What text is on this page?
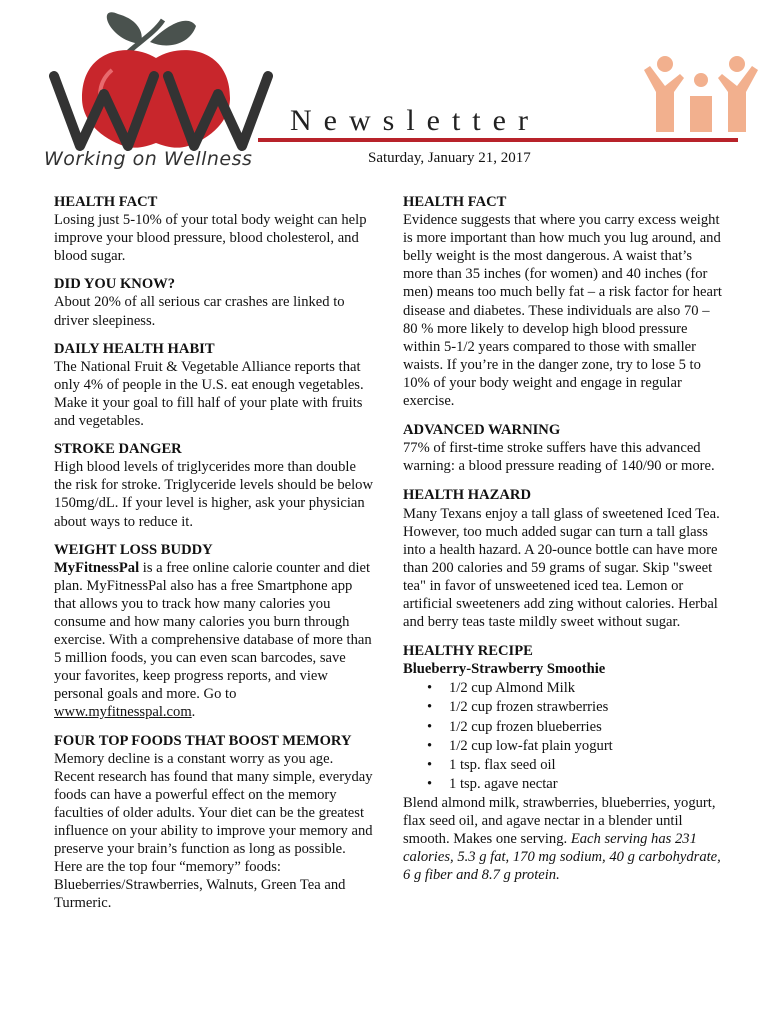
Working on Wellness
Newsletter
Saturday, January 21, 2017
HEALTH FACT

Losing just 5-10% of your total body weight can help improve your blood pressure, blood cholesterol, and blood sugar.

DID YOU KNOW?

About 20% of all serious car crashes are linked to driver sleepiness.

DAILY HEALTH HABIT

The National Fruit & Vegetable Alliance reports that only 4% of people in the U.S. eat enough vegetables. Make it your goal to fill half of your plate with fruits and vegetables.

STROKE DANGER

High blood levels of triglycerides more than double the risk for stroke. Triglyceride levels should be below 150mg/dL. If your level is higher, ask your physician about ways to reduce it.

WEIGHT LOSS BUDDY

MyFitnessPal is a free online calorie counter and diet plan. MyFitnessPal also has a free Smartphone app that allows you to track how many calories you consume and how many calories you burn through exercise. With a comprehensive database of more than 5 million foods, you can even scan barcodes, save your favorites, keep progress reports, and view personal goals and more. Go to www.myfitnesspal.com.

FOUR TOP FOODS THAT BOOST MEMORY

Memory decline is a constant worry as you age. Recent research has found that many simple, everyday foods can have a powerful effect on the memory faculties of older adults. Your diet can be the greatest influence on your ability to improve your memory and preserve your brain’s function as long as possible. Here are the top four “memory” foods: Blueberries/Strawberries, Walnuts, Green Tea and Turmeric.

HEALTH FACT

Evidence suggests that where you carry excess weight is more important than how much you lug around, and belly weight is the most dangerous. A waist that’s more than 35 inches (for women) and 40 inches (for men) means too much belly fat – a risk factor for heart disease and diabetes. These individuals are also 70 – 80 % more likely to develop high blood pressure within 5-1/2 years compared to those with smaller waists. If you’re in the danger zone, try to lose 5 to 10% of your body weight and engage in regular exercise.

ADVANCED WARNING

77% of first-time stroke suffers have this advanced warning: a blood pressure reading of 140/90 or more.

HEALTH HAZARD

Many Texans enjoy a tall glass of sweetened Iced Tea. However, too much added sugar can turn a tall glass into a health hazard. A 20-ounce bottle can have more than 200 calories and 59 grams of sugar. Skip "sweet tea" in favor of unsweetened iced tea. Lemon or artificial sweeteners add zing without calories. Herbal and berry teas taste mildly sweet without sugar.

HEALTHY RECIPE
Blueberry-Strawberry Smoothie
• 1/2 cup Almond Milk
• 1/2 cup frozen strawberries
• 1/2 cup frozen blueberries
• 1/2 cup low-fat plain yogurt
• 1 tsp. flax seed oil
• 1 tsp. agave nectar

Blend almond milk, strawberries, blueberries, yogurt, flax seed oil, and agave nectar in a blender until smooth. Makes one serving. Each serving has 231 calories, 5.3 g fat, 170 mg sodium, 40 g carbohydrate, 6 g fiber and 8.7 g protein.
